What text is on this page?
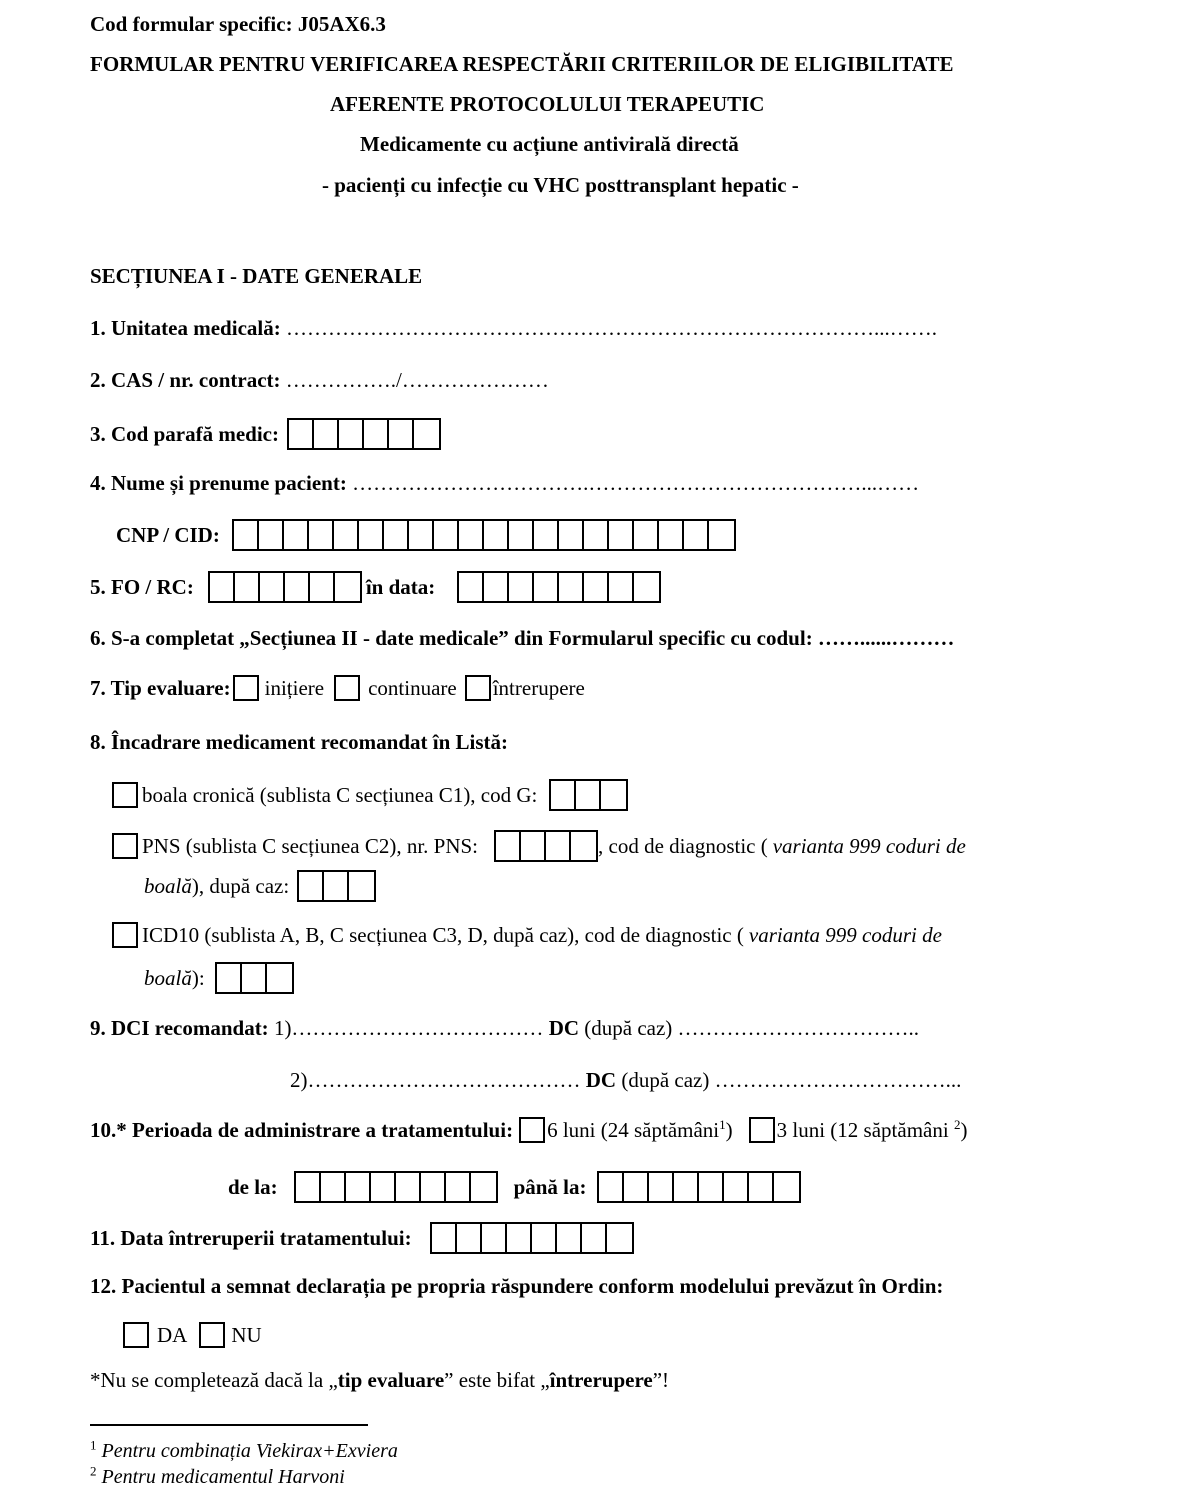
Cod formular specific: J05AX6.3
FORMULAR PENTRU VERIFICAREA RESPECTĂRII CRITERIILOR DE ELIGIBILITATE
AFERENTE PROTOCOLULUI TERAPEUTIC
Medicamente cu acțiune antivirală directă
- pacienți cu infecție cu VHC posttransplant hepatic -
SECȚIUNEA I - DATE GENERALE
1. Unitatea medicală: …………………………………………………………………………...…….
2. CAS / nr. contract: ……………./…………………
3. Cod parafă medic:
4. Nume și prenume pacient: …………………………….…………………………………...……
CNP / CID:
5. FO / RC:	în data:
6. S-a completat „Secțiunea II - date medicale” din Formularul specific cu codul: ……......………
7. Tip evaluare: inițiere continuare întrerupere
8. Încadrare medicament recomandat în Listă:
boala cronică (sublista C secțiunea C1), cod G:
PNS (sublista C secțiunea C2), nr. PNS:	, cod de diagnostic ( varianta 999 coduri de
boală ), după caz:
ICD10 (sublista A, B, C secțiunea C3, D, după caz), cod de diagnostic ( varianta 999 coduri de
boală ):
9. DCI recomandat: 1)……………………………… DC (după caz) ……………………………..
2)………………………………… DC (după caz) ……………………………...
10.* Perioada de administrare a tratamentului: 6 luni (24 săptămâni$^1$) 3 luni (12 săptămâni $^2$)
de la:	până la:
11. Data întreruperii tratamentului:
12. Pacientul a semnat declarația pe propria răspundere conform modelului prevăzut în Ordin:
DA NU
*Nu se completează dacă la „tip evaluare” este bifat „întrerupere”!
$^1$ Pentru combinația Viekirax+Exviera
$^2$ Pentru medicamentul Harvoni
